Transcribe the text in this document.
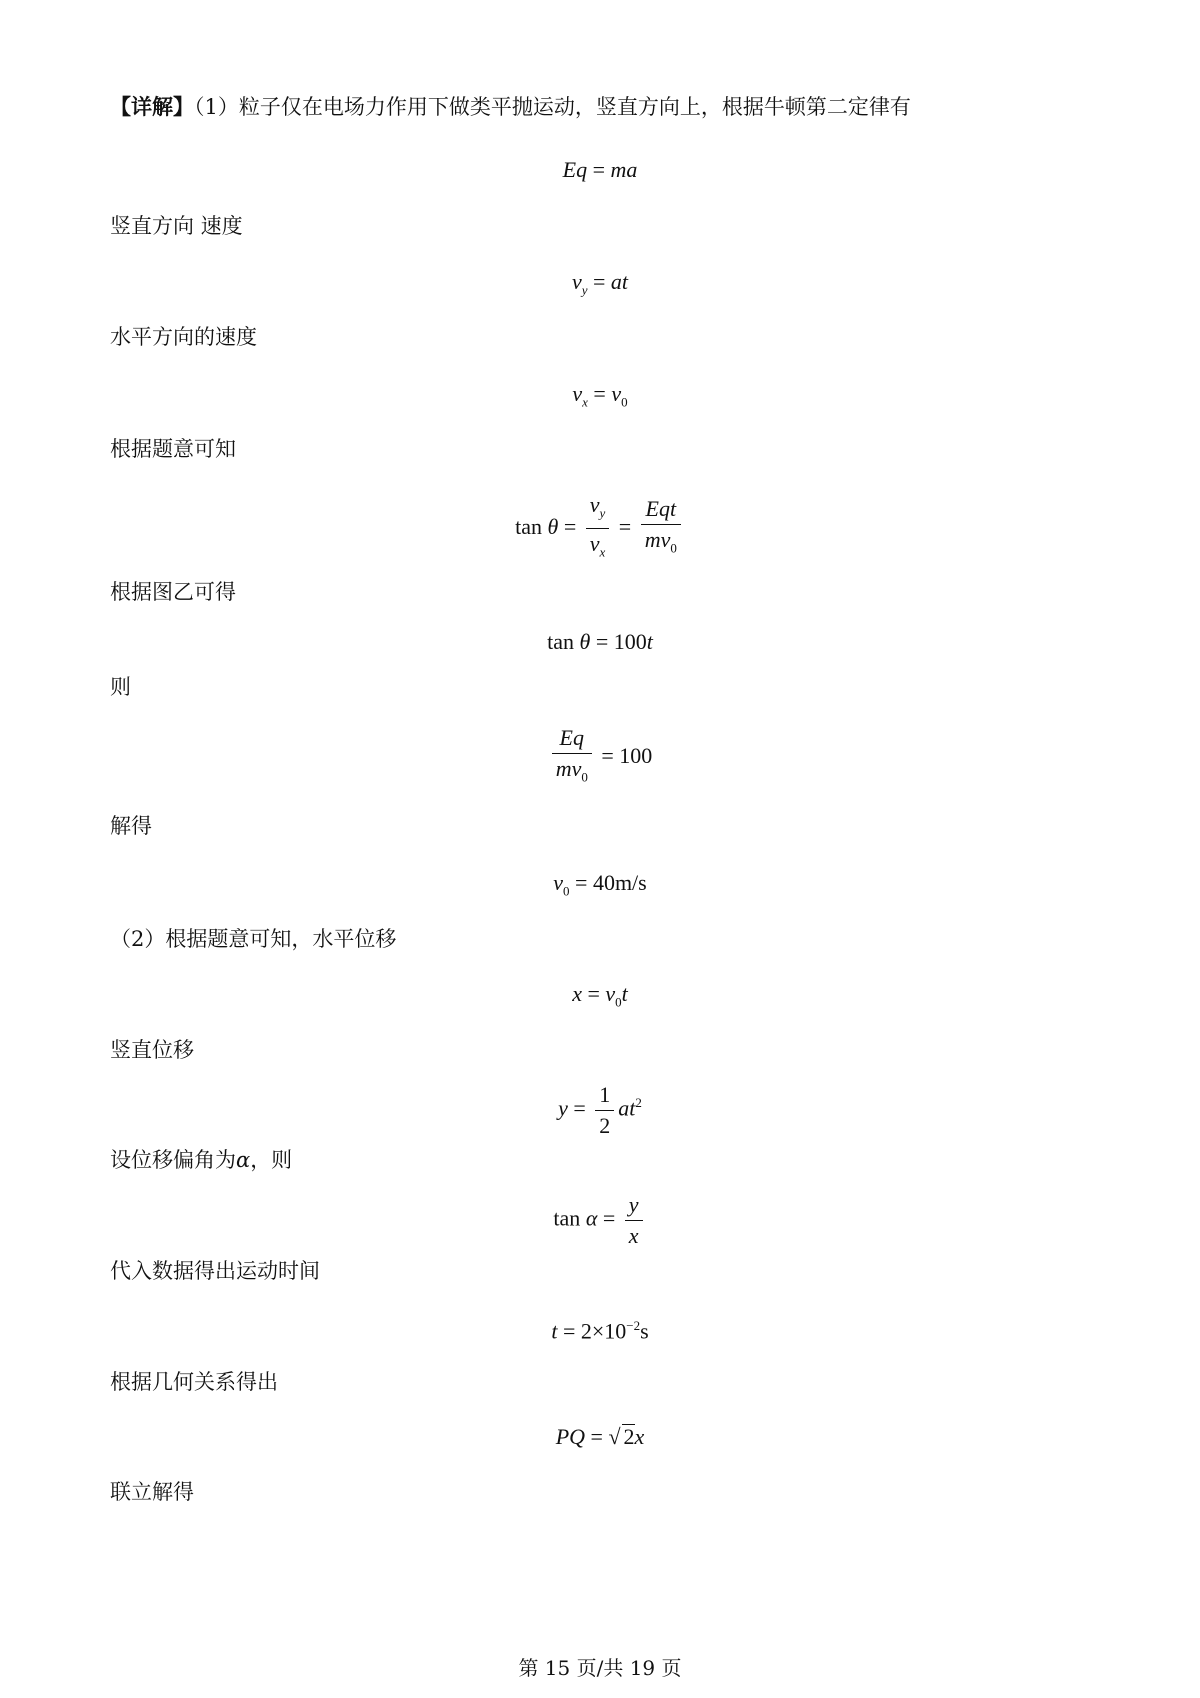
【详解】（1）粒子仅在电场力作用下做类平抛运动，竖直方向上，根据牛顿第二定律有
Eq = ma
竖直方向 速度
$v_y$ = at
水平方向的速度
$v_x = v_0$
根据题意可知
$\tan \theta = \frac{v_y}{v_x} = \frac{\text{Eqt}}{mv_0}$
根据图乙可得
tan θ = 100t
则
$\frac{Eq}{mv_0} = 100$
解得
$v_0 = 40m/s$
（2）根据题意可知，水平位移
$x = v_0t$
竖直位移
$y = \frac{1}{2} at^2$
设位移偏角为α，则
$\tan \alpha = \frac{y}{x}$
代入数据得出运动时间
$t = 2\times 10^{-2}s$
根据几何关系得出
PQ = √ 2x
联立解得
第 15 页/共 19 页
